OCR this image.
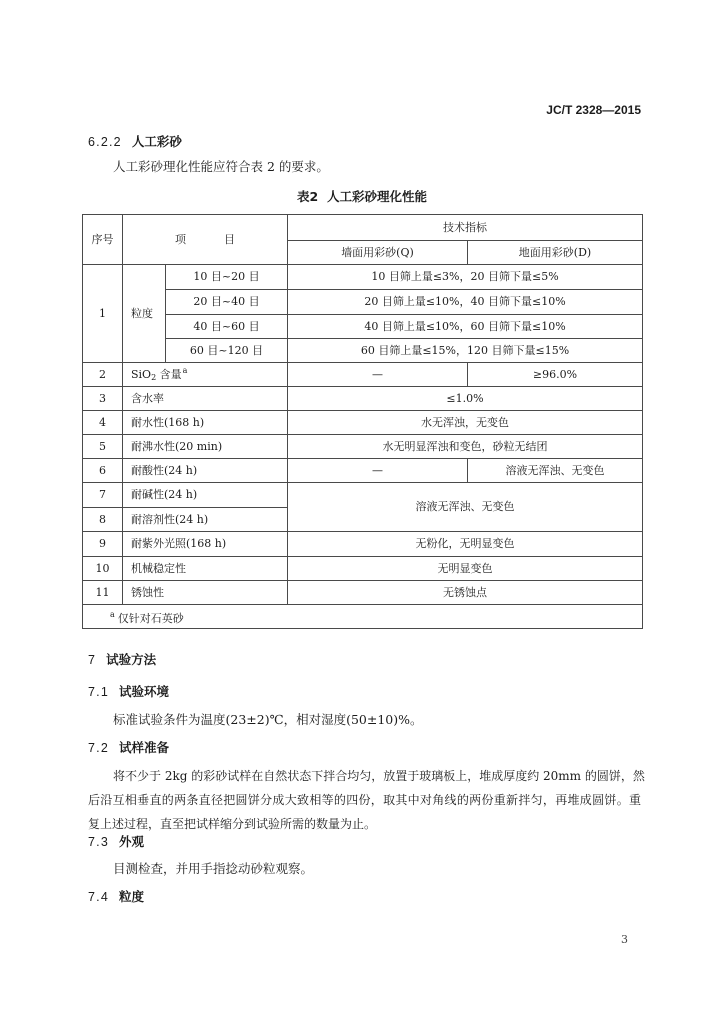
JC/T 2328—2015
6.2.2 人工彩砂
人工彩砂理化性能应符合表 2 的要求。
表2  人工彩砂理化性能
序号	项    目		技术指标	
			墙面用彩砂(Q)	地面用彩砂(D)
1	粒度	10 目~20 目	10 目筛上量≤3%，20 目筛下量≤5%	
		20 目~40 目	20 目筛上量≤10%，40 目筛下量≤10%	
		40 目~60 目	40 目筛上量≤10%，60 目筛下量≤10%	
		60 目~120 目	60 目筛上量≤15%，120 目筛下量≤15%	
2	SiO$_2$ 含量$^a$		—	≥96.0%
3	含水率		≤1.0%	
4	耐水性(168 h)		水无浑浊，无变色	
5	耐沸水性(20 min)		水无明显浑浊和变色，砂粒无结团	
6	耐酸性(24 h)		—	溶液无浑浊、无变色
7	耐碱性(24 h)		溶液无浑浊、无变色	
8	耐溶剂性(24 h)			
9	耐紫外光照(168 h)		无粉化，无明显变色	
10	机械稳定性		无明显变色	
11	锈蚀性		无锈蚀点	
$^a$ 仅针对石英砂				
7 试验方法
7.1 试验环境
标准试验条件为温度(23±2)℃，相对湿度(50±10)%。
7.2 试样准备
将不少于 2kg 的彩砂试样在自然状态下拌合均匀，放置于玻璃板上，堆成厚度约 20mm 的圆饼，然
后沿互相垂直的两条直径把圆饼分成大致相等的四份，取其中对角线的两份重新拌匀，再堆成圆饼。重
复上述过程，直至把试样缩分到试验所需的数量为止。
7.3 外观
目测检查，并用手指捻动砂粒观察。
7.4 粒度
3
